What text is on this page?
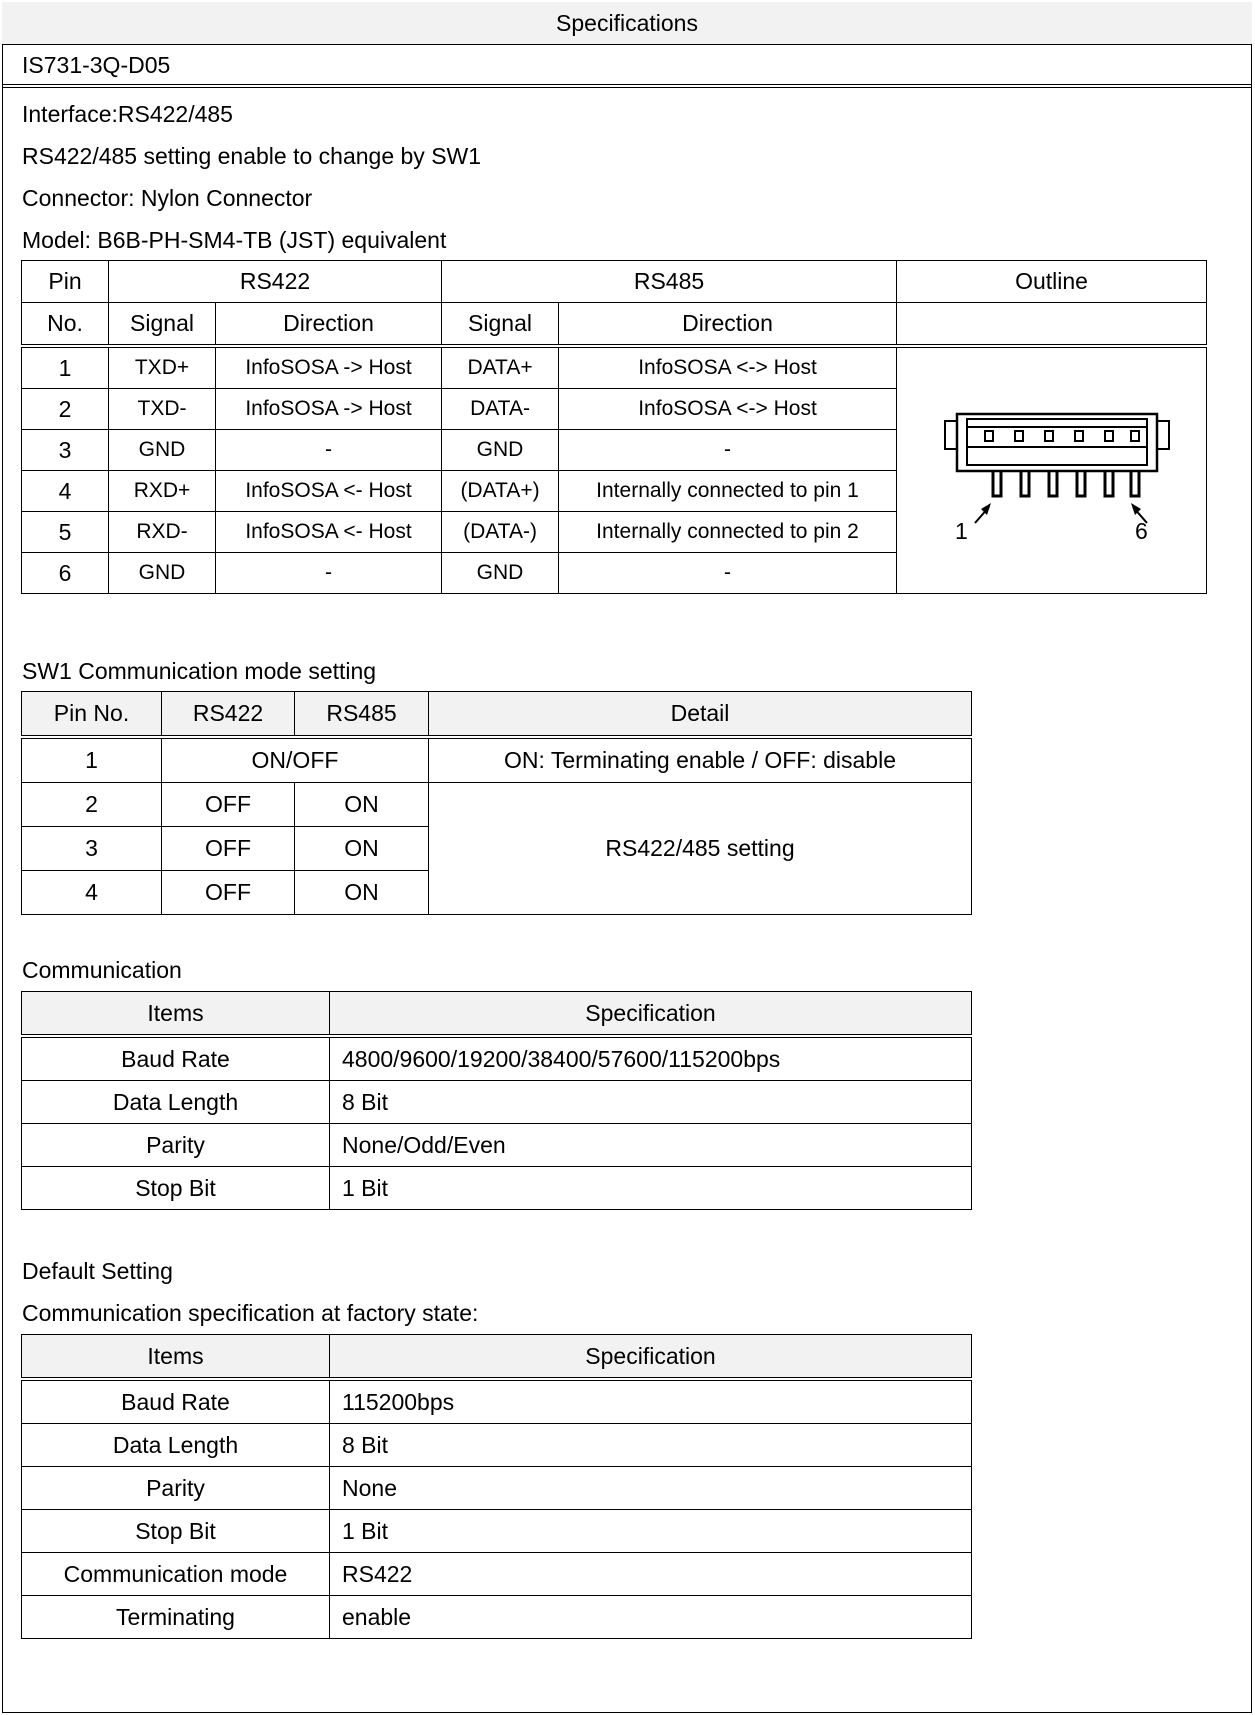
Specifications
IS731-3Q-D05
Interface:RS422/485
RS422/485 setting enable to change by SW1
Connector: Nylon Connector
Model: B6B-PH-SM4-TB (JST) equivalent
Pin	RS422		RS485		Outline
No.	Signal	Direction	Signal	Direction	
1	TXD+	InfoSOSA -> Host	DATA+	InfoSOSA <-> Host	1 6

2	TXD-	InfoSOSA -> Host	DATA-	InfoSOSA <-> Host	
3	GND	-	GND	-	
4	RXD+	InfoSOSA <- Host	(DATA+)	Internally connected to pin 1	
5	RXD-	InfoSOSA <- Host	(DATA-)	Internally connected to pin 2	
6	GND	-	GND	-	
SW1 Communication mode setting
Pin No.	RS422	RS485	Detail
1	ON/OFF		ON: Terminating enable / OFF: disable
2	OFF	ON	RS422/485 setting
3	OFF	ON	
4	OFF	ON	
Communication
Items	Specification
Baud Rate	4800/9600/19200/38400/57600/115200bps
Data Length	8 Bit
Parity	None/Odd/Even
Stop Bit	1 Bit
Default Setting
Communication specification at factory state:
Items	Specification
Baud Rate	115200bps
Data Length	8 Bit
Parity	None
Stop Bit	1 Bit
Communication mode	RS422
Terminating	enable
